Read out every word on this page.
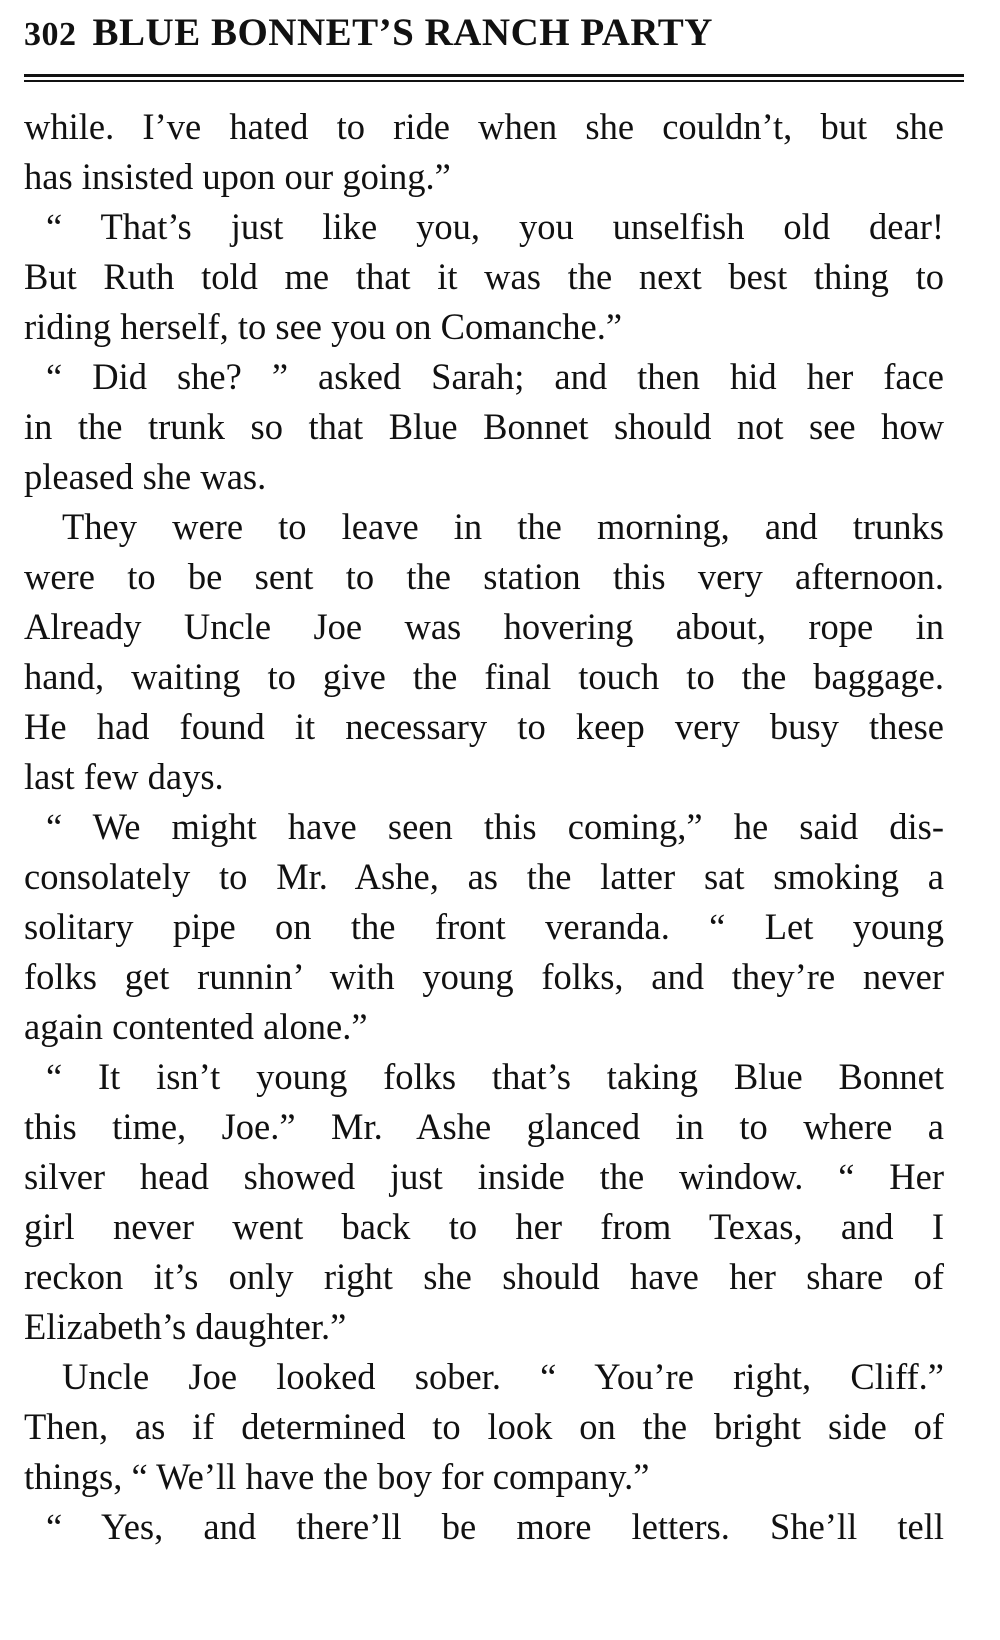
302 BLUE BONNET’S RANCH PARTY
while. I’ve hated to ride when she couldn’t, but she
has insisted upon our going.”
“ That’s just like you, you unselfish old dear!
But Ruth told me that it was the next best thing to
riding herself, to see you on Comanche.”
“ Did she? ” asked Sarah; and then hid her face
in the trunk so that Blue Bonnet should not see how
pleased she was.
They were to leave in the morning, and trunks
were to be sent to the station this very afternoon.
Already Uncle Joe was hovering about, rope in
hand, waiting to give the final touch to the baggage.
He had found it necessary to keep very busy these
last few days.
“ We might have seen this coming,” he said dis-
consolately to Mr. Ashe, as the latter sat smoking a
solitary pipe on the front veranda. “ Let young
folks get runnin’ with young folks, and they’re never
again contented alone.”
“ It isn’t young folks that’s taking Blue Bonnet
this time, Joe.” Mr. Ashe glanced in to where a
silver head showed just inside the window. “ Her
girl never went back to her from Texas, and I
reckon it’s only right she should have her share of
Elizabeth’s daughter.”
Uncle Joe looked sober. “ You’re right, Cliff.”
Then, as if determined to look on the bright side of
things, “ We’ll have the boy for company.”
“ Yes, and there’ll be more letters. She’ll tell
